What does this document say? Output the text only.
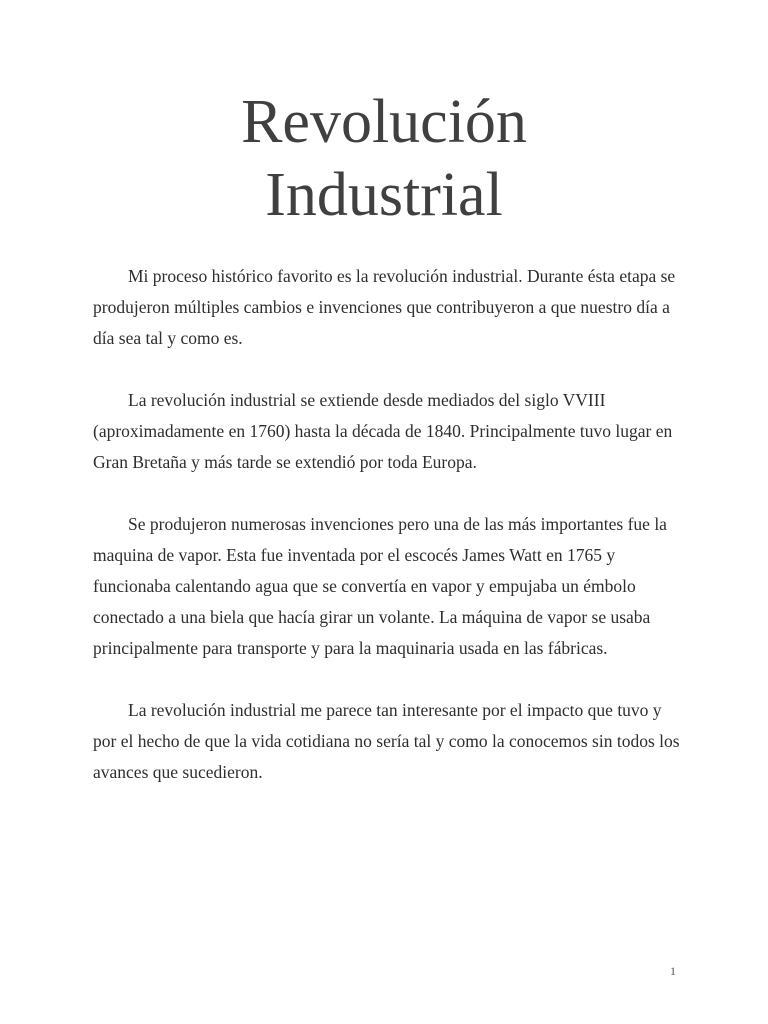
Revolución
Industrial

Mi proceso histórico favorito es la revolución industrial. Durante ésta etapa se produjeron múltiples cambios e invenciones que contribuyeron a que nuestro día a día sea tal y como es.

La revolución industrial se extiende desde mediados del siglo VVIII (aproximadamente en 1760) hasta la década de 1840. Principalmente tuvo lugar en Gran Bretaña y más tarde se extendió por toda Europa.

Se produjeron numerosas invenciones pero una de las más importantes fue la maquina de vapor. Esta fue inventada por el escocés James Watt en 1765 y funcionaba calentando agua que se convertía en vapor y empujaba un émbolo conectado a una biela que hacía girar un volante. La máquina de vapor se usaba principalmente para transporte y para la maquinaria usada en las fábricas.

La revolución industrial me parece tan interesante por el impacto que tuvo y por el hecho de que la vida cotidiana no sería tal y como la conocemos sin todos los avances que sucedieron.

1
